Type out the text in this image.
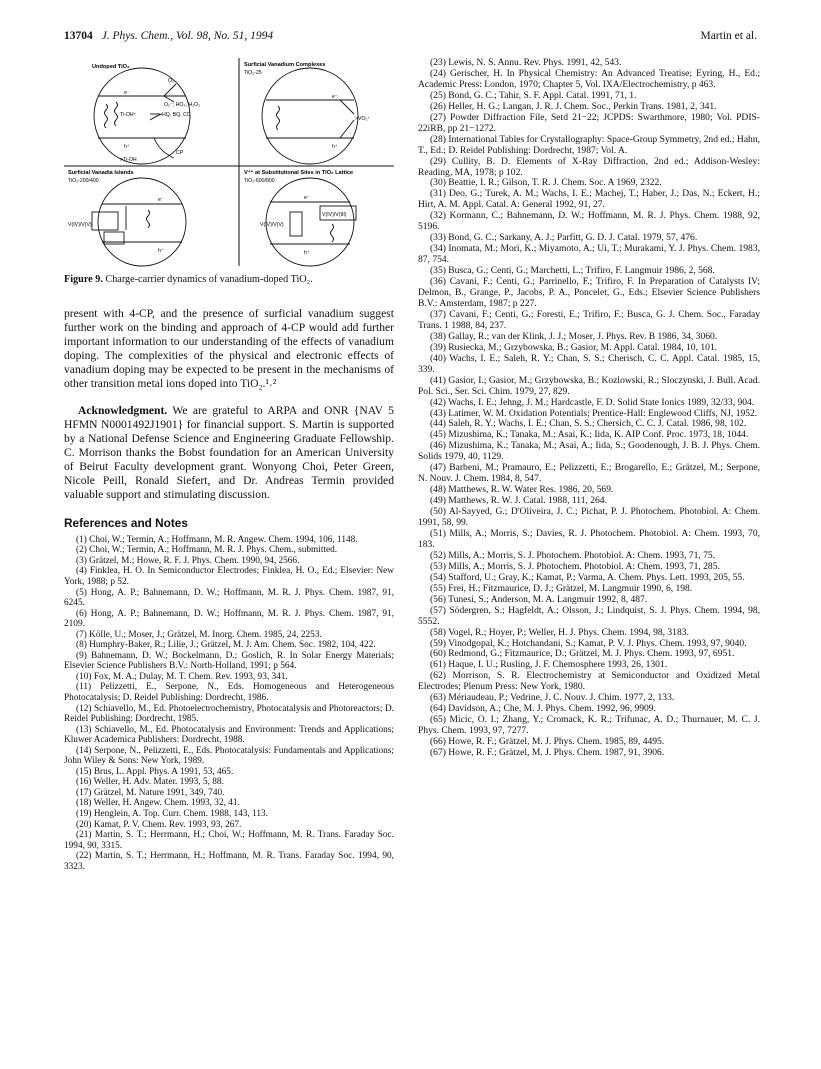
13704 J. Phys. Chem., Vol. 98, No. 51, 1994	Martin et al.
Undoped TiO₂
O₂
O₂⁻; HO₂, H₂O₂
Ti-OH⁺	HQ, BQ, CC
>Ti-OH
CP
e⁻
h⁺
Surficial Vanadium Complexes
TiO₂-25
>VO₂⁺
e⁻
h⁺
Surficial Vanadia Islands
TiO₂-200/400
V(IV)/V(V)
e⁻
h⁺
V⁴⁺ at Substitutional Sites in TiO₂ Lattice
TiO₂-600/800
V(IV)/V(III)
V(IV)/V(V)
e⁻
h⁺
Figure 9. Charge-carrier dynamics of vanadium-doped TiO₂.

present with 4-CP, and the presence of surficial vanadium suggest further work on the binding and approach of 4-CP would add further important information to our understanding of the effects of vanadium doping. The complexities of the physical and electronic effects of vanadium doping may be expected to be present in the mechanisms of other transition metal ions doped into TiO₂.¹˒²

Acknowledgment. We are grateful to ARPA and ONR {NAV 5 HFMN N0001492J1901} for financial support. S. Martin is supported by a National Defense Science and Engineering Graduate Fellowship. C. Morrison thanks the Bobst foundation for an American University of Beirut Faculty development grant. Wonyong Choi, Peter Green, Nicole Peill, Ronald Siefert, and Dr. Andreas Termin provided valuable support and stimulating discussion.

References and Notes
(1) Choi, W.; Termin, A.; Hoffmann, M. R. Angew. Chem. 1994, 106, 1148.
(2) Choi, W.; Termin, A.; Hoffmann, M. R. J. Phys. Chem., submitted.
(3) Grätzel, M.; Howe, R. F. J. Phys. Chem. 1990, 94, 2566.
(4) Finklea, H. O. In Semiconductor Electrodes; Finklea, H. O., Ed.; Elsevier: New York, 1988; p 52.
(5) Hong, A. P.; Bahnemann, D. W.; Hoffmann, M. R. J. Phys. Chem. 1987, 91, 6245.
(6) Hong, A. P.; Bahnemann, D. W.; Hoffmann, M. R. J. Phys. Chem. 1987, 91, 2109.
(7) Kölle, U.; Moser, J.; Grätzel, M. Inorg. Chem. 1985, 24, 2253.
(8) Humphry-Baker, R.; Lilie, J.; Grätzel, M. J. Am. Chem. Soc. 1982, 104, 422.
(9) Bahnemann, D. W.; Bockelmann, D.; Goslich, R. In Solar Energy Materials; Elsevier Science Publishers B.V.: North-Holland, 1991; p 564.
(10) Fox, M. A.; Dulay, M. T. Chem. Rev. 1993, 93, 341.
(11) Pelizzetti, E., Serpone, N., Eds. Homogeneous and Heterogeneous Photocatalysis; D. Reidel Publishing: Dordrecht, 1986.
(12) Schiavello, M., Ed. Photoelectrochemistry, Photocatalysis and Photoreactors; D. Reidel Publishing: Dordrecht, 1985.
(13) Schiavello, M., Ed. Photocatalysis and Environment: Trends and Applications; Kluwer Academica Publishers: Dordrecht, 1988.
(14) Serpone, N., Pelizzetti, E., Eds. Photocatalysis: Fundamentals and Applications; John Wiley & Sons: New York, 1989.
(15) Brus, L. Appl. Phys. A 1991, 53, 465.
(16) Weller, H. Adv. Mater. 1993, 5, 88.
(17) Grätzel, M. Nature 1991, 349, 740.
(18) Weller, H. Angew. Chem. 1993, 32, 41.
(19) Henglein, A. Top. Curr. Chem. 1988, 143, 113.
(20) Kamat, P. V. Chem. Rev. 1993, 93, 267.
(21) Martin, S. T.; Herrmann, H.; Choi, W.; Hoffmann, M. R. Trans. Faraday Soc. 1994, 90, 3315.
(22) Martin, S. T.; Herrmann, H.; Hoffmann, M. R. Trans. Faraday Soc. 1994, 90, 3323.
(23) Lewis, N. S. Annu. Rev. Phys. 1991, 42, 543.
(24) Gerischer, H. In Physical Chemistry: An Advanced Treatise; Eyring, H., Ed.; Academic Press: London, 1970; Chapter 5, Vol. IXA/Electrochemistry, p 463.
(25) Bond, G. C.; Tahir, S. F. Appl. Catal. 1991, 71, 1.
(26) Heller, H. G.; Langan, J. R. J. Chem. Soc., Perkin Trans. 1981, 2, 341.
(27) Powder Diffraction File, Setd 21−22; JCPDS: Swarthmore, 1980; Vol. PDIS-22iRB, pp 21−1272.
(28) International Tables for Crystallography: Space-Group Symmetry, 2nd ed.; Hahn, T., Ed.; D. Reidel Publishing: Dordrecht, 1987; Vol. A.
(29) Cullity, B. D. Elements of X-Ray Diffraction, 2nd ed.; Addison-Wesley: Reading, MA, 1978; p 102.
(30) Beattie, I. R.; Gilson, T. R. J. Chem. Soc. A 1969, 2322.
(31) Deo, G.; Turek, A. M.; Wachs, I. E.; Machej, T.; Haber, J.; Das, N.; Eckert, H.; Hirt, A. M. Appl. Catal. A: General 1992, 91, 27.
(32) Kormann, C.; Bahnemann, D. W.; Hoffmann, M. R. J. Phys. Chem. 1988, 92, 5196.
(33) Bond, G. C.; Sarkany, A. J.; Parfitt, G. D. J. Catal. 1979, 57, 476.
(34) Inomata, M.; Mori, K.; Miyamoto, A.; Ui, T.; Murakami, Y. J. Phys. Chem. 1983, 87, 754.
(35) Busca, G.; Centi, G.; Marchetti, L.; Trifiro, F. Langmuir 1986, 2, 568.
(36) Cavani, F.; Centi, G.; Parrinello, F.; Trifiro, F. In Preparation of Catalysts IV; Delmon, B., Grange, P., Jacobs, P. A., Poncelet, G., Eds.; Elsevier Science Publishers B.V.: Amsterdam, 1987; p 227.
(37) Cavani, F.; Centi, G.; Foresti, E.; Trifiro, F.; Busca, G. J. Chem. Soc., Faraday Trans. 1 1988, 84, 237.
(38) Gallay, R.; van der Klink, J. J.; Moser, J. Phys. Rev. B 1986, 34, 3060.
(39) Rusiecka, M.; Grzybowska, B.; Gasior, M. Appl. Catal. 1984, 10, 101.
(40) Wachs, I. E.; Saleh, R. Y.; Chan, S. S.; Cherisch, C. C. Appl. Catal. 1985, 15, 339.
(41) Gasior, I.; Gasior, M.; Grzybowska, B.; Kozlowski, R.; Sloczynski, J. Bull. Acad. Pol. Sci., Ser. Sci. Chim. 1979, 27, 829.
(42) Wachs, I. E.; Jehng, J. M.; Hardcastle, F. D. Solid State Ionics 1989, 32/33, 904.
(43) Latimer, W. M. Oxidation Potentials; Prentice-Hall: Englewood Cliffs, NJ, 1952.
(44) Saleh, R. Y.; Wachs, I. E.; Chan, S. S.; Chersich, C. C. J. Catal. 1986, 98, 102.
(45) Mizushima, K.; Tanaka, M.; Asai, K.; Iida, K. AIP Conf. Proc. 1973, 18, 1044.
(46) Mizushima, K.; Tanaka, M.; Asai, A.; Iida, S.; Goodenough, J. B. J. Phys. Chem. Solids 1979, 40, 1129.
(47) Barbeni, M.; Pramauro, E.; Pelizzetti, E.; Brogarello, E.; Grätzel, M.; Serpone, N. Nouv. J. Chem. 1984, 8, 547.
(48) Matthews, R. W. Water Res. 1986, 20, 569.
(49) Matthews, R. W. J. Catal. 1988, 111, 264.
(50) Al-Sayyed, G.; D'Oliveira, J. C.; Pichat, P. J. Photochem. Photobiol. A: Chem. 1991, 58, 99.
(51) Mills, A.; Morris, S.; Davies, R. J. Photochem. Photobiol. A: Chem. 1993, 70, 183.
(52) Mills, A.; Morris, S. J. Photochem. Photobiol. A: Chem. 1993, 71, 75.
(53) Mills, A.; Morris, S. J. Photochem. Photobiol. A: Chem. 1993, 71, 285.
(54) Stafford, U.; Gray, K.; Kamat, P.; Varma, A. Chem. Phys. Lett. 1993, 205, 55.
(55) Frei, H.; Fitzmaurice, D. J.; Grätzel, M. Langmuir 1990, 6, 198.
(56) Tunesi, S.; Anderson, M. A. Langmuir 1992, 8, 487.
(57) Södergren, S.; Hagfeldt, A.; Olsson, J.; Lindquist, S. J. Phys. Chem. 1994, 98, 5552.
(58) Vogel, R.; Hoyer, P.; Weller, H. J. Phys. Chem. 1994, 98, 3183.
(59) Vinodgopal, K.; Hotchandani, S.; Kamat, P. V. J. Phys. Chem. 1993, 97, 9040.
(60) Redmond, G.; Fitzmaurice, D.; Grätzel, M. J. Phys. Chem. 1993, 97, 6951.
(61) Haque, I. U.; Rusling, J. F. Chemosphere 1993, 26, 1301.
(62) Morrison, S. R. Electrochemistry at Semiconductor and Oxidized Metal Electrodes; Plenum Press: New York, 1980.
(63) Mériaudeau, P.; Vedrine, J. C. Nouv. J. Chim. 1977, 2, 133.
(64) Davidson, A.; Che, M. J. Phys. Chem. 1992, 96, 9909.
(65) Micic, O. I.; Zhang, Y.; Cromack, K. R.; Trifunac, A. D.; Thurnauer, M. C. J. Phys. Chem. 1993, 97, 7277.
(66) Howe, R. F.; Grätzel, M. J. Phys. Chem. 1985, 89, 4495.
(67) Howe, R. F.; Grätzel, M. J. Phys. Chem. 1987, 91, 3906.
